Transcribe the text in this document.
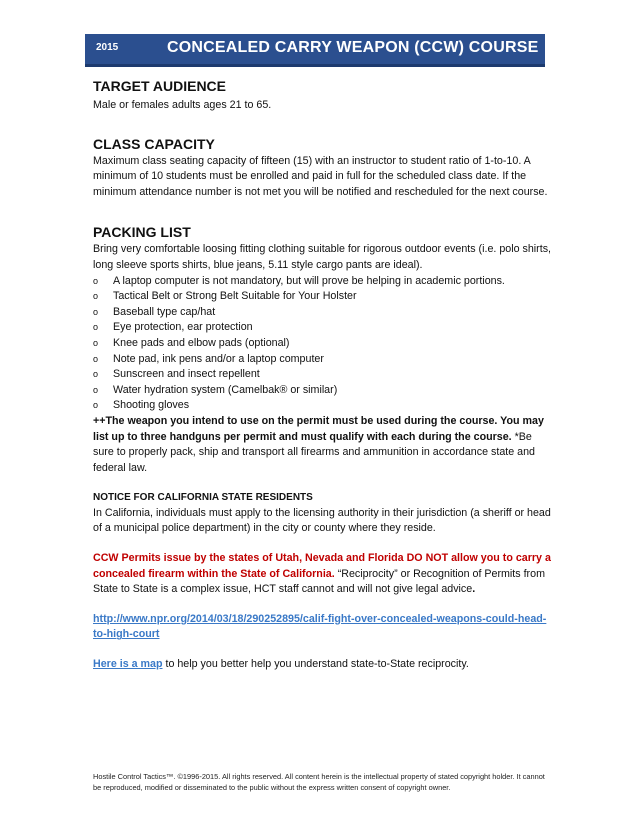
2015	CONCEALED CARRY WEAPON (CCW) COURSE
TARGET AUDIENCE

Male or females adults ages 21 to 65.

CLASS CAPACITY

Maximum class seating capacity of fifteen (15) with an instructor to student ratio of 1-to-10. A minimum of 10 students must be enrolled and paid in full for the scheduled class date. If the minimum attendance number is not met you will be notified and rescheduled for the next course.

PACKING LIST

Bring very comfortable loosing fitting clothing suitable for rigorous outdoor events (i.e. polo shirts, long sleeve sports shirts, blue jeans, 5.11 style cargo pants are ideal).

o A laptop computer is not mandatory, but will prove be helping in academic portions.
o Tactical Belt or Strong Belt Suitable for Your Holster
o Baseball type cap/hat
o Eye protection, ear protection
o Knee pads and elbow pads (optional)
o Note pad, ink pens and/or a laptop computer
o Sunscreen and insect repellent
o Water hydration system (Camelbak® or similar)
o Shooting gloves

++The weapon you intend to use on the permit must be used during the course. You may list up to three handguns per permit and must qualify with each during the course. *Be sure to properly pack, ship and transport all firearms and ammunition in accordance state and federal law.

NOTICE FOR CALIFORNIA STATE RESIDENTS

In California, individuals must apply to the licensing authority in their jurisdiction (a sheriff or head of a municipal police department) in the city or county where they reside.

CCW Permits issue by the states of Utah, Nevada and Florida DO NOT allow you to carry a concealed firearm within the State of California. “Reciprocity” or Recognition of Permits from State to State is a complex issue, HCT staff cannot and will not give legal advice.

http://www.npr.org/2014/03/18/290252895/calif-fight-over-concealed-weapons-could-head-to-high-court

Here is a map to help you better help you understand state-to-State reciprocity.

Hostile Control Tactics™. ©1996-2015. All rights reserved. All content herein is the intellectual property of stated copyright holder. It cannot be reproduced, modified or disseminated to the public without the express written consent of copyright owner.
